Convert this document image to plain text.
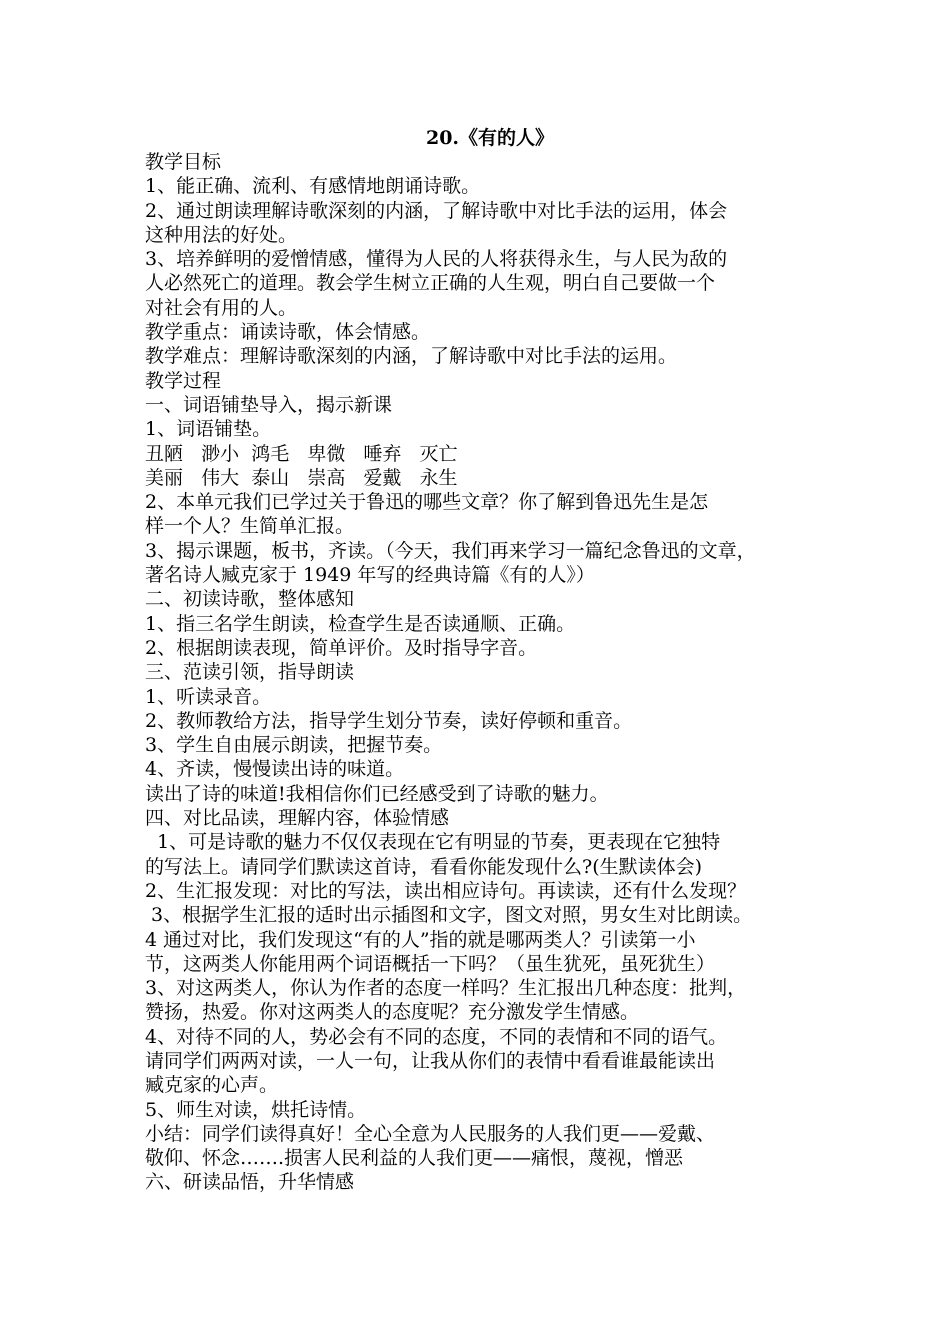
20.《有的人》

教学目标

1、能正确、流利、有感情地朗诵诗歌。

2、通过朗读理解诗歌深刻的内涵，了解诗歌中对比手法的运用，体会

这种用法的好处。

3、培养鲜明的爱憎情感，懂得为人民的人将获得永生，与人民为敌的

人必然死亡的道理。教会学生树立正确的人生观，明白自己要做一个

对社会有用的人。

教学重点：诵读诗歌，体会情感。

教学难点：理解诗歌深刻的内涵，了解诗歌中对比手法的运用。

教学过程

一、词语铺垫导入，揭示新课

1、词语铺垫。

丑陋   渺小  鸿毛   卑微   唾弃   灭亡

美丽   伟大  泰山   崇高   爱戴   永生

2、本单元我们已学过关于鲁迅的哪些文章？你了解到鲁迅先生是怎

样一个人？生简单汇报。

3、揭示课题，板书，齐读。（今天，我们再来学习一篇纪念鲁迅的文章，

著名诗人臧克家于 1949 年写的经典诗篇《有的人》）

二、初读诗歌，整体感知

1、指三名学生朗读，检查学生是否读通顺、正确。

2、根据朗读表现，简单评价。及时指导字音。

三、范读引领，指导朗读

1、听读录音。

2、教师教给方法，指导学生划分节奏，读好停顿和重音。

3、学生自由展示朗读，把握节奏。

4、齐读，慢慢读出诗的味道。

读出了诗的味道!我相信你们已经感受到了诗歌的魅力。

四、对比品读，理解内容，体验情感

1、可是诗歌的魅力不仅仅表现在它有明显的节奏，更表现在它独特

的写法上。请同学们默读这首诗，看看你能发现什么?(生默读体会)

2、生汇报发现：对比的写法，读出相应诗句。再读读，还有什么发现？

3、根据学生汇报的适时出示插图和文字，图文对照，男女生对比朗读。

4 通过对比，我们发现这“有的人”指的就是哪两类人？引读第一小

节，这两类人你能用两个词语概括一下吗？（虽生犹死，虽死犹生）

3、对这两类人，你认为作者的态度一样吗？生汇报出几种态度：批判，

赞扬，热爱。你对这两类人的态度呢？充分激发学生情感。

4、对待不同的人，势必会有不同的态度，不同的表情和不同的语气。

请同学们两两对读，一人一句，让我从你们的表情中看看谁最能读出

臧克家的心声。

5、师生对读，烘托诗情。

小结：同学们读得真好！全心全意为人民服务的人我们更——爱戴、

敬仰、怀念…….损害人民利益的人我们更——痛恨，蔑视，憎恶

六、研读品悟，升华情感
